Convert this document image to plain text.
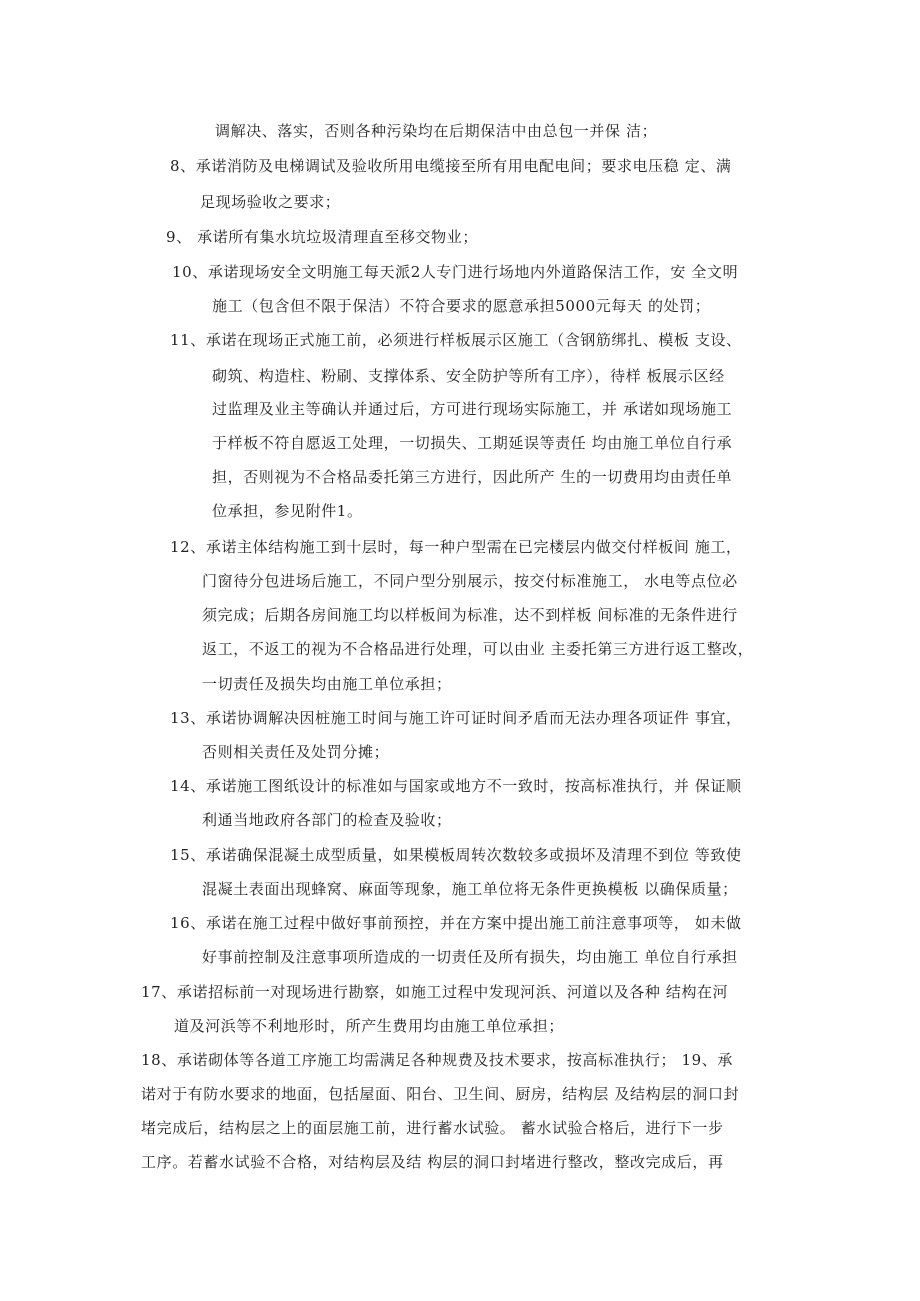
调解决、落实，否则各种污染均在后期保洁中由总包一并保 洁；
8、承诺消防及电梯调试及验收所用电缆接至所有用电配电间；要求电压稳 定、满
足现场验收之要求；
9、 承诺所有集水坑垃圾清理直至移交物业；
10、承诺现场安全文明施工每天派2人专门进行场地内外道路保洁工作，安 全文明
施工（包含但不限于保洁）不符合要求的愿意承担5000元每天 的处罚；
11、承诺在现场正式施工前，必须进行样板展示区施工（含钢筋绑扎、模板 支设、
砌筑、构造柱、粉刷、支撑体系、安全防护等所有工序），待样 板展示区经
过监理及业主等确认并通过后，方可进行现场实际施工，并 承诺如现场施工
于样板不符自愿返工处理，一切损失、工期延误等责任 均由施工单位自行承
担，否则视为不合格品委托第三方进行，因此所产 生的一切费用均由责任单
位承担，参见附件1。
12、承诺主体结构施工到十层时，每一种户型需在已完楼层内做交付样板间 施工，
门窗待分包进场后施工，不同户型分别展示，按交付标准施工， 水电等点位必
须完成；后期各房间施工均以样板间为标准，达不到样板 间标准的无条件进行
返工，不返工的视为不合格品进行处理，可以由业 主委托第三方进行返工整改，
一切责任及损失均由施工单位承担；
13、承诺协调解决因桩施工时间与施工许可证时间矛盾而无法办理各项证件 事宜，
否则相关责任及处罚分摊；
14、承诺施工图纸设计的标准如与国家或地方不一致时，按高标准执行，并 保证顺
利通当地政府各部门的检查及验收；
15、承诺确保混凝土成型质量，如果模板周转次数较多或损坏及清理不到位 等致使
混凝土表面出现蜂窝、麻面等现象，施工单位将无条件更换模板 以确保质量；
16、承诺在施工过程中做好事前预控，并在方案中提出施工前注意事项等， 如未做
好事前控制及注意事项所造成的一切责任及所有损失，均由施工 单位自行承担
17、承诺招标前一对现场进行勘察，如施工过程中发现河浜、河道以及各种 结构在河
道及河浜等不利地形时，所产生费用均由施工单位承担；
18、承诺砌体等各道工序施工均需满足各种规费及技术要求，按高标准执行； 19、承
诺对于有防水要求的地面，包括屋面、阳台、卫生间、厨房，结构层 及结构层的洞口封
堵完成后，结构层之上的面层施工前，进行蓄水试验。 蓄水试验合格后，进行下一步
工序。若蓄水试验不合格，对结构层及结 构层的洞口封堵进行整改，整改完成后，再
